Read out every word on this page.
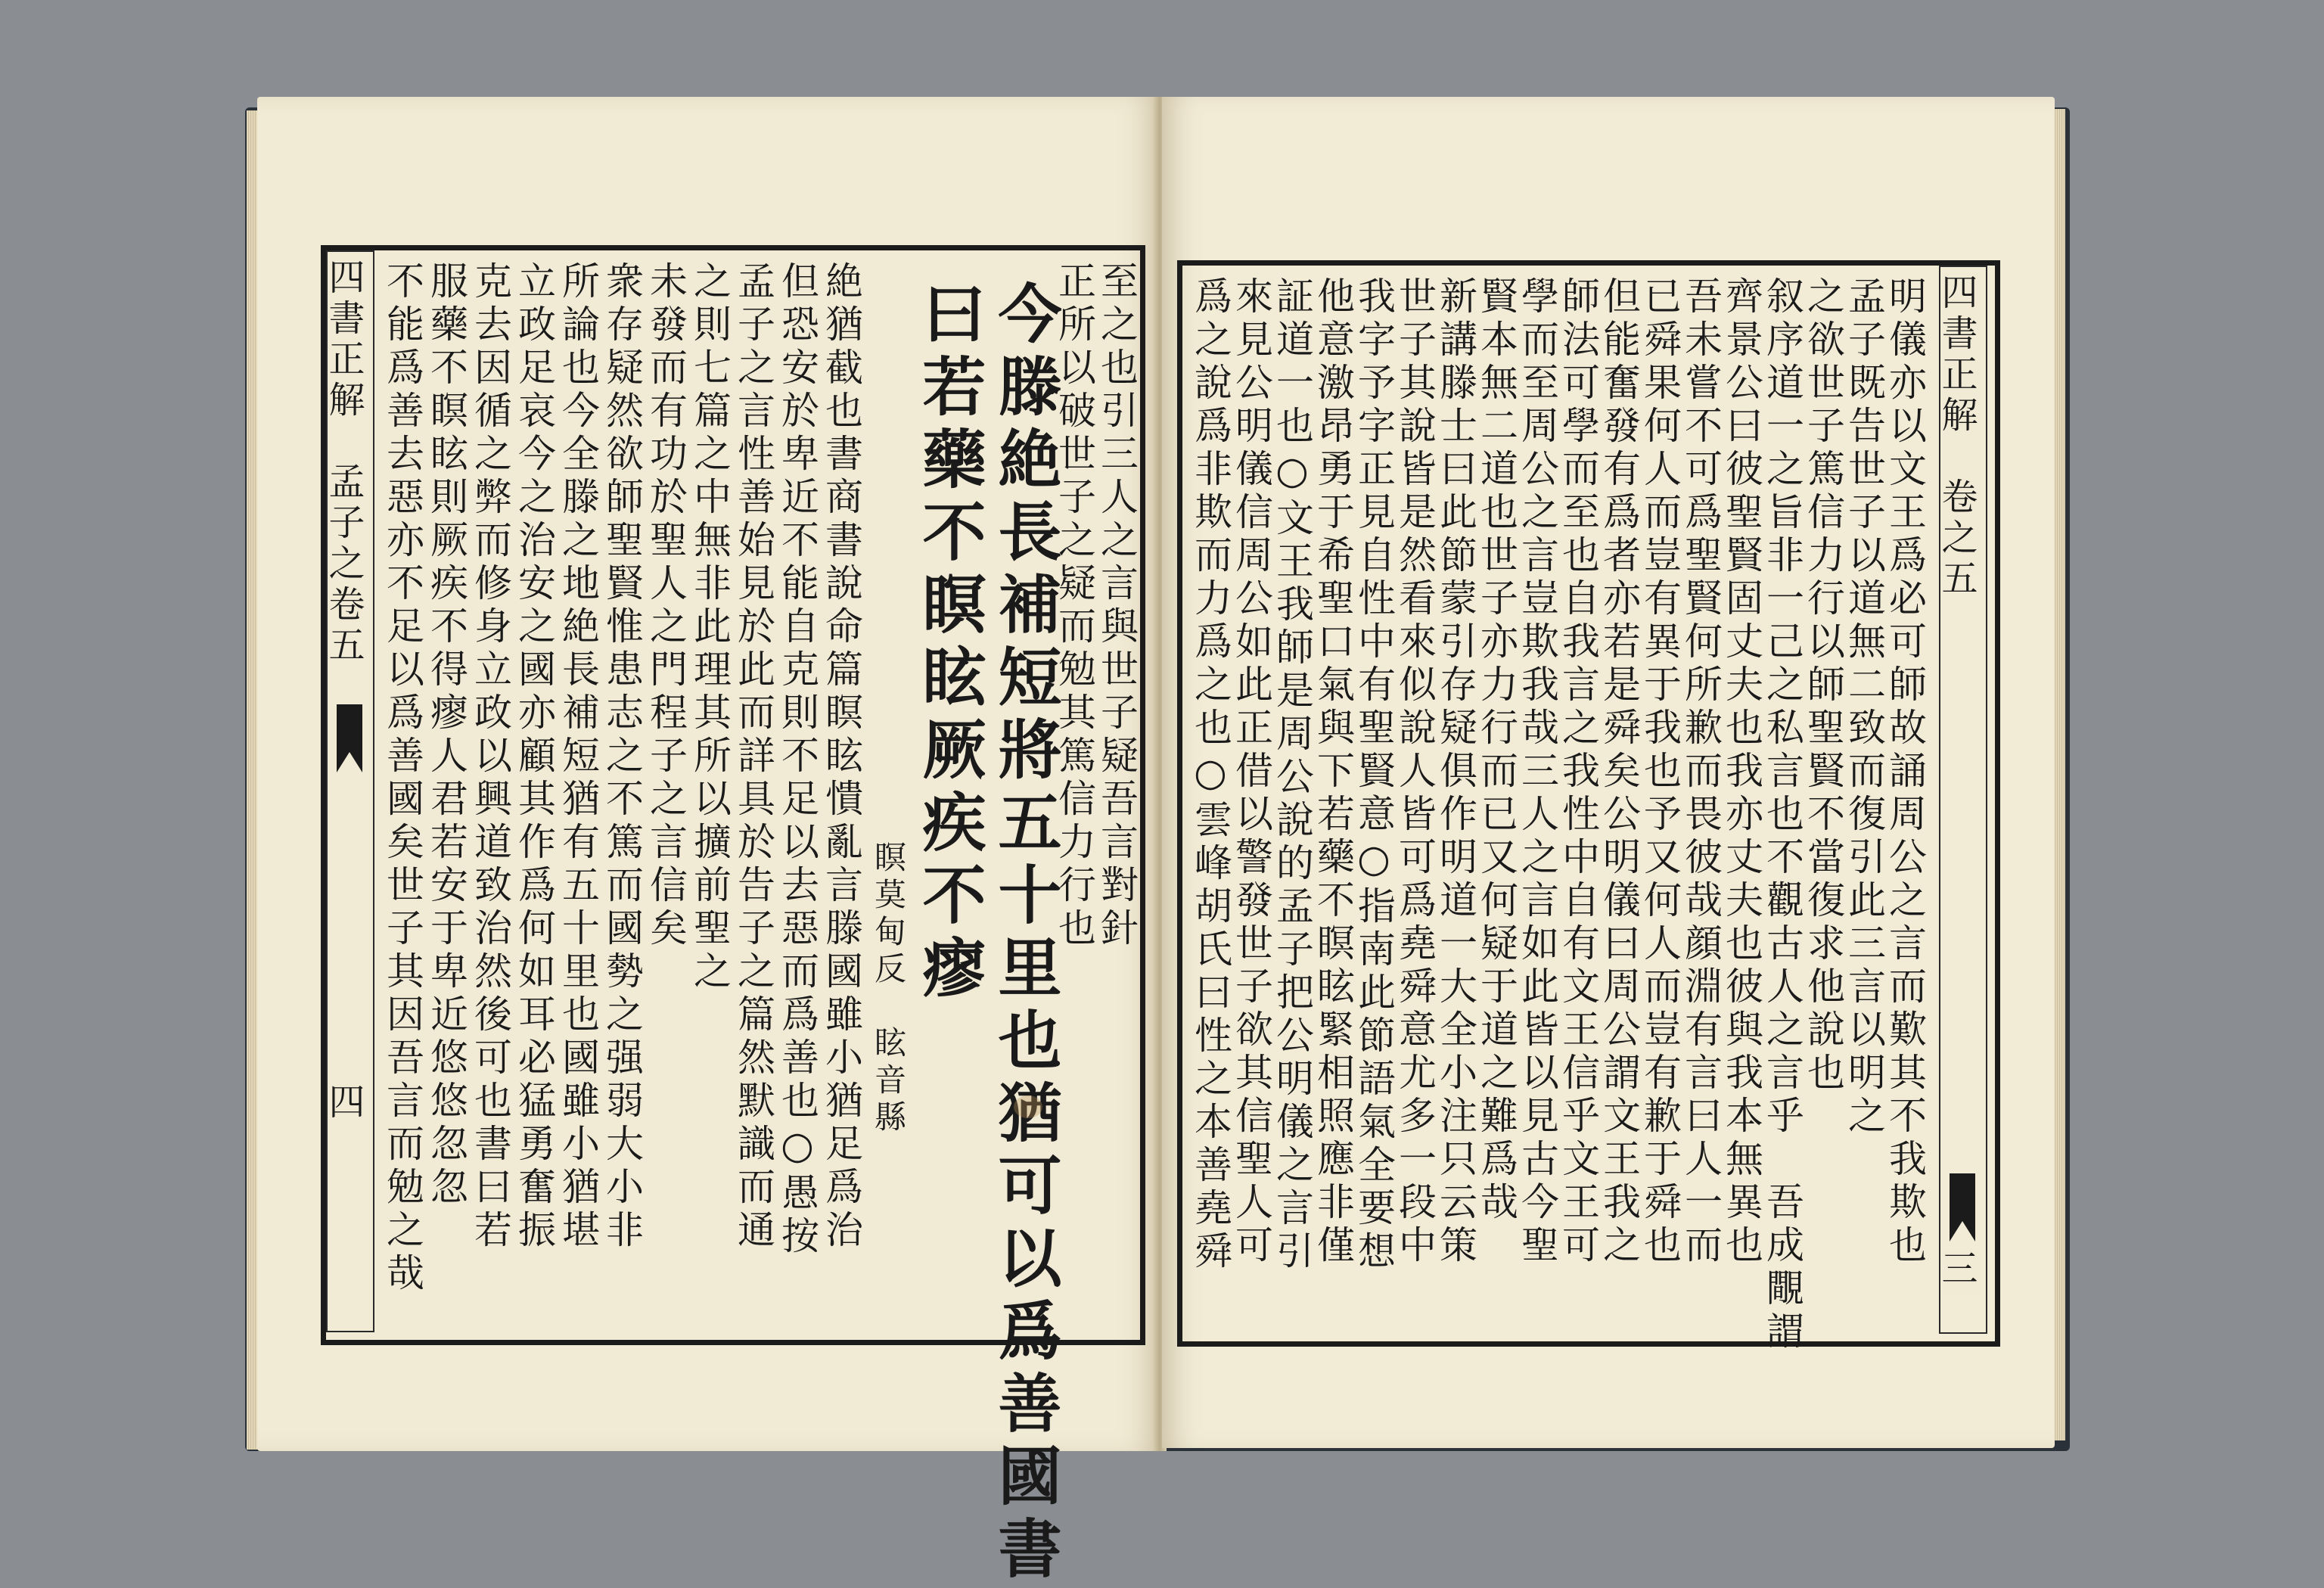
四書正解　孟子之卷五
四 不能爲善去惡亦不足以爲善國矣世子其因吾言而勉之哉 服藥不瞑眩則厥疾不得瘳人君若安于卑近悠悠忽忽 克去因循之弊而修身立政以興道致治然後可也書曰若 立政足哀今之治安之國亦顧其作爲何如耳必猛勇奮振 所論也今全滕之地絶長補短猶有五十里也國雖小猶堪 衆存疑然欲師聖賢惟患志之不篤而國勢之强弱大小非 未發而有功於聖人之門程子之言信矣 之則七篇之中無非此理其所以擴前聖之 孟子之言性善始見於此而詳具於告子之篇然默識而通 但恐安於卑近不能自克則不足以去惡而爲善也○愚按 絶猶截也書商書說命篇瞑眩憒亂言滕國雖小猶足爲治 瞑莫甸反　眩音縣 曰若藥不瞑眩厥疾不瘳 今滕絶長補短將五十里也猶可以爲善國書
正所以破世子之疑而勉其篤信力行也
至之也引三人之言與世子疑吾言對針 爲之說爲非欺而力爲之也○雲峰胡氏曰性之本善堯舜
來見公明儀信周公如此正借以警發世子欲其信聖人可
証道一也○文王我師是周公說的孟子把公明儀之言引
他意激昂勇于希聖口氣與下若藥不瞑眩緊相照應非僅
我字予字正見自性中有聖賢意○指南此節語氣全要想
世子其說皆是然看來似說人皆可爲堯舜意尤多一段中
新講滕士曰此節蒙引存疑俱作明道一大全小注只云策
賢本無二道也世子亦力行而已又何疑于道之難爲哉
學而至周公之言豈欺我哉三人之言如此皆以見古今聖
師法可學而至也自我言之我性中自有文王信乎文王可
但能奮發有爲者亦若是舜矣公明儀曰周公謂文王我之
已舜果何人而豈有異于我也予又何人而豈有歉于舜也
吾未嘗不可爲聖賢何所歉而畏彼哉顔淵有言曰人一而
齊景公曰彼聖賢固丈夫也我亦丈夫也彼與我本無異也
叙序道一之旨非一己之私言也不觀古人之言乎　吾成覸謂
之欲世子篤信力行以師聖賢不當復求他說也
孟子既告世子以道無二致而復引此三言以明之
明儀亦以文王爲必可師故誦周公之言而歎其不我欺也 四書正解　卷之五
三
